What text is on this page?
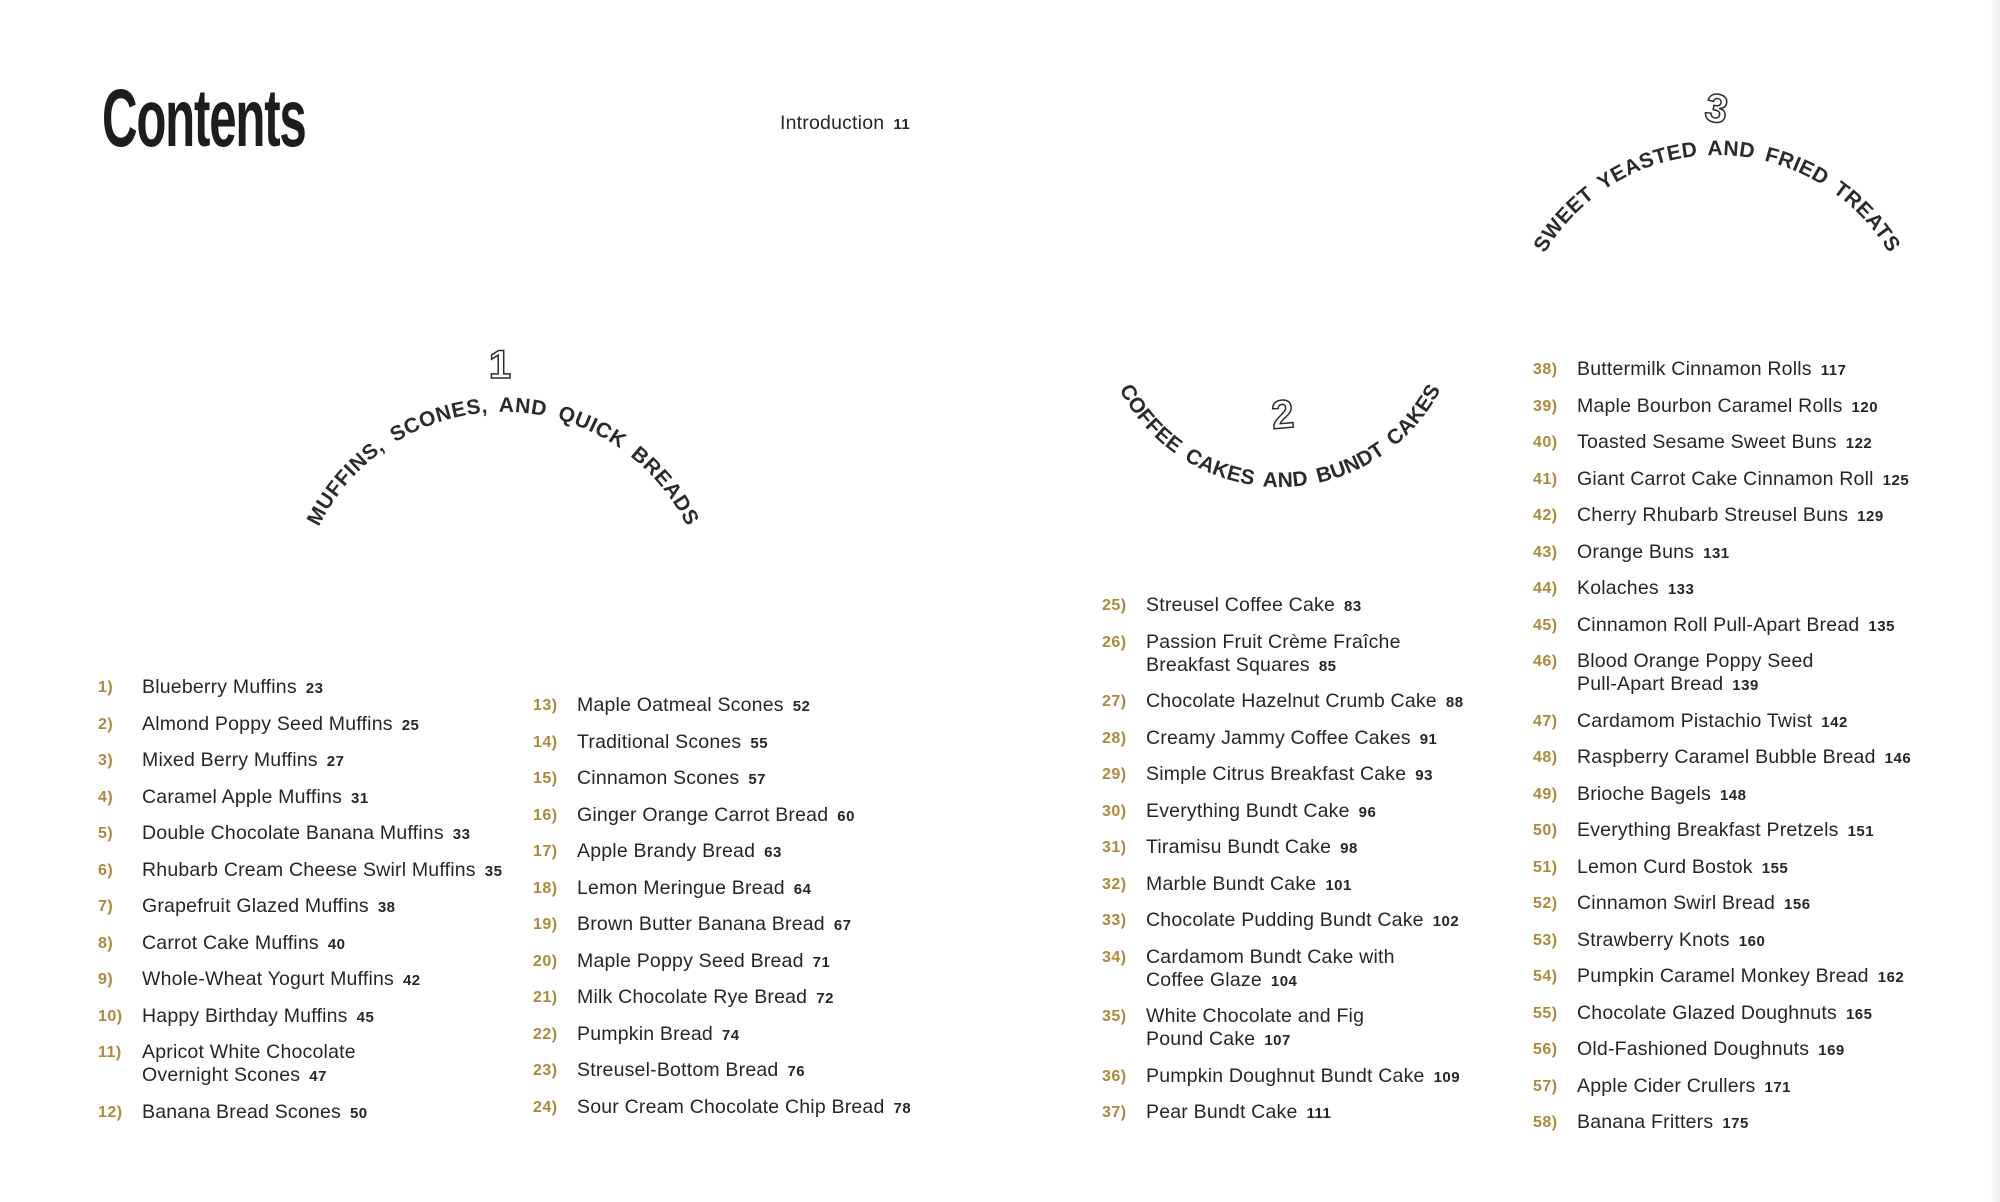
Contents	Introduction 11
1
MUFFINS, SCONES, AND QUICK BREADS
2
COFFEE CAKES AND BUNDT CAKES
3
SWEET YEASTED AND FRIED TREATS
1)	Blueberry Muffins 23
2)	Almond Poppy Seed Muffins 25
3)	Mixed Berry Muffins 27
4)	Caramel Apple Muffins 31
5)	Double Chocolate Banana Muffins 33
6)	Rhubarb Cream Cheese Swirl Muffins 35
7)	Grapefruit Glazed Muffins 38
8)	Carrot Cake Muffins 40
9)	Whole-Wheat Yogurt Muffins 42
10) Happy Birthday Muffins 45
11)	Apricot White Chocolate
Overnight Scones 47
12) Banana Bread Scones 50
13) Maple Oatmeal Scones 52
14) Traditional Scones 55
15) Cinnamon Scones 57
16) Ginger Orange Carrot Bread 60
17) Apple Brandy Bread 63
18) Lemon Meringue Bread 64
19) Brown Butter Banana Bread 67
20) Maple Poppy Seed Bread 71
21) Milk Chocolate Rye Bread 72
22) Pumpkin Bread 74
23) Streusel-Bottom Bread 76
24) Sour Cream Chocolate Chip Bread 78
25) Streusel Coffee Cake 83
26) Passion Fruit Crème Fraîche
Breakfast Squares 85
27) Chocolate Hazelnut Crumb Cake 88
28) Creamy Jammy Coffee Cakes 91
29) Simple Citrus Breakfast Cake 93
30) Everything Bundt Cake 96
31) Tiramisu Bundt Cake 98
32) Marble Bundt Cake 101
33) Chocolate Pudding Bundt Cake 102
34) Cardamom Bundt Cake with
Coffee Glaze 104
35) White Chocolate and Fig
Pound Cake 107
36) Pumpkin Doughnut Bundt Cake 109
37) Pear Bundt Cake 111
38) Buttermilk Cinnamon Rolls 117
39) Maple Bourbon Caramel Rolls 120
40) Toasted Sesame Sweet Buns 122
41) Giant Carrot Cake Cinnamon Roll 125
42) Cherry Rhubarb Streusel Buns 129
43) Orange Buns 131
44) Kolaches 133
45) Cinnamon Roll Pull-Apart Bread 135
46) Blood Orange Poppy Seed
Pull-Apart Bread 139
47) Cardamom Pistachio Twist 142
48) Raspberry Caramel Bubble Bread 146
49) Brioche Bagels 148
50) Everything Breakfast Pretzels 151
51) Lemon Curd Bostok 155
52) Cinnamon Swirl Bread 156
53) Strawberry Knots 160
54) Pumpkin Caramel Monkey Bread 162
55) Chocolate Glazed Doughnuts 165
56) Old-Fashioned Doughnuts 169
57) Apple Cider Crullers 171
58) Banana Fritters 175
